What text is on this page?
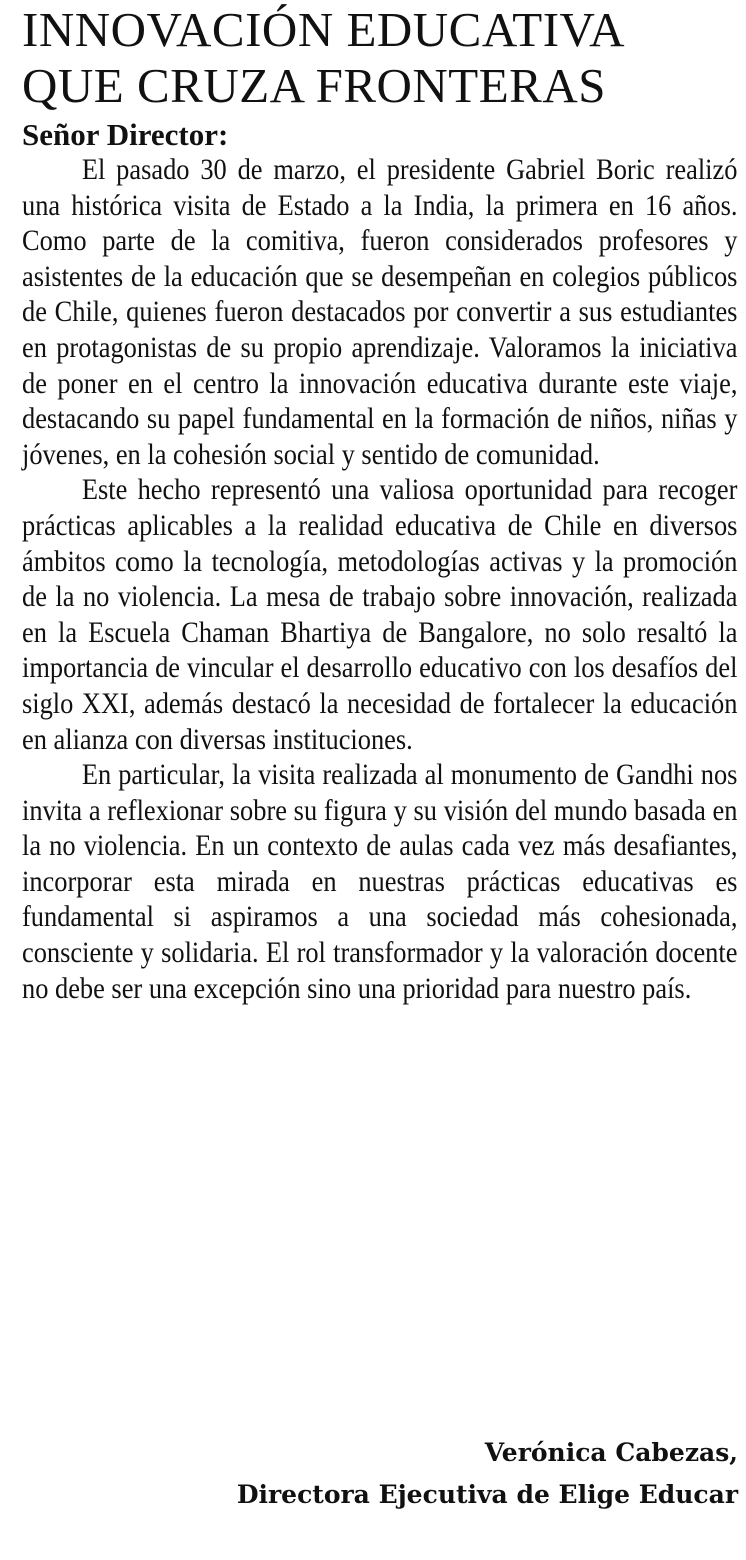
INNOVACIÓN EDUCATIVA
QUE CRUZA FRONTERAS
Señor Director:

El pasado 30 de marzo, el presidente Gabriel Boric realizó una histórica visita de Estado a la India, la primera en 16 años. Como parte de la comitiva, fueron considerados profesores y asistentes de la educación que se desempeñan en colegios públicos de Chile, quienes fueron destacados por convertir a sus estudiantes en protagonistas de su propio aprendizaje. Valoramos la iniciativa de poner en el centro la innovación educativa durante este viaje, destacando su papel fundamental en la formación de niños, niñas y jóvenes, en la cohesión social y sentido de comunidad.

Este hecho representó una valiosa oportunidad para recoger prácticas aplicables a la realidad educativa de Chile en diversos ámbitos como la tecnología, metodologías activas y la promoción de la no violencia. La mesa de trabajo sobre innovación, realizada en la Escuela Chaman Bhartiya de Bangalore, no solo resaltó la importancia de vincular el desarrollo educativo con los desafíos del siglo XXI, además destacó la necesidad de fortalecer la educación en alianza con diversas instituciones.

En particular, la visita realizada al monumento de Gandhi nos invita a reflexionar sobre su figura y su visión del mundo basada en la no violencia. En un contexto de aulas cada vez más desafiantes, incorporar esta mirada en nuestras prácticas educativas es fundamental si aspiramos a una sociedad más cohesionada, consciente y solidaria. El rol transformador y la valoración docente no debe ser una excepción sino una prioridad para nuestro país.

Verónica Cabezas,
Directora Ejecutiva de Elige Educar
